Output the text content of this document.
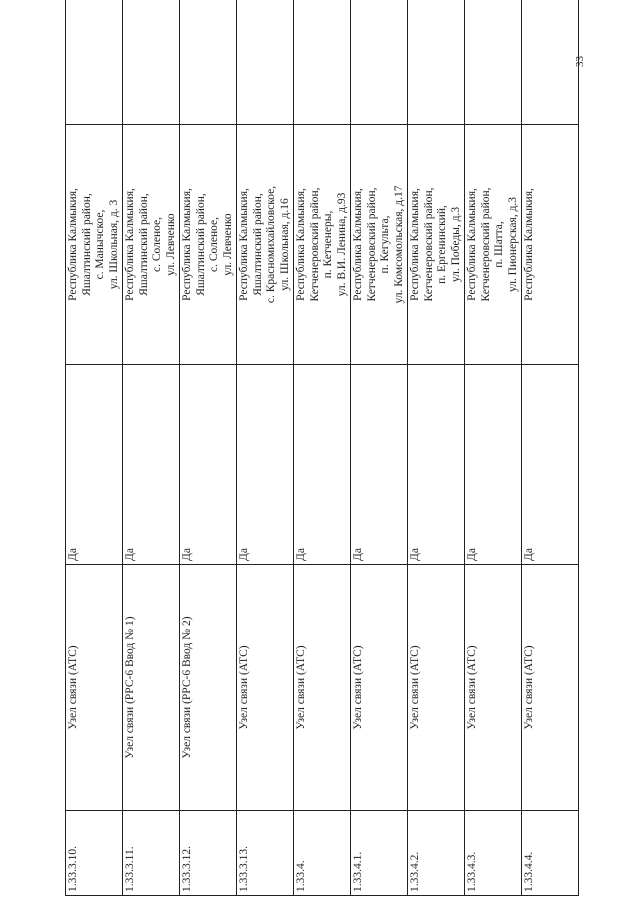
33
1.33.3.10.	Узел связи (АТС)	Да	Республика Калмыкия, Яшалтинский район, с. Манычское, ул. Школьная, д. 3	

1.33.3.11.	Узел связи (РРС-6 Ввод № 1)	Да	Республика Калмыкия, Яшалтинский район, с. Соленое, ул. Левченко	

1.33.3.12.	Узел связи (РРС-6 Ввод № 2)	Да	Республика Калмыкия, Яшалтинский район, с. Соленое, ул. Левченко	

1.33.3.13.	Узел связи (АТС)	Да	Республика Калмыкия, Яшалтинский район, с. Красномихайловское, ул. Школьная, д.16	

1.33.4.	Узел связи (АТС)	Да	Республика Калмыкия, Кетченеровский район, п. Кетченеры, ул. В.И. Ленина, д.93	

1.33.4.1.	Узел связи (АТС)	Да	Республика Калмыкия, Кетченеровский район, п. Кегульта, ул. Комсомольская, д.17	

1.33.4.2.	Узел связи (АТС)	Да	Республика Калмыкия, Кетченеровский район, п. Ергенинский, ул. Победы, д.3	

1.33.4.3.	Узел связи (АТС)	Да	Республика Калмыкия, Кетченеровский район, п. Шатта, ул. Пионерская, д.3	

1.33.4.4.	Узел связи (АТС)	Да	Республика Калмыкия,	
